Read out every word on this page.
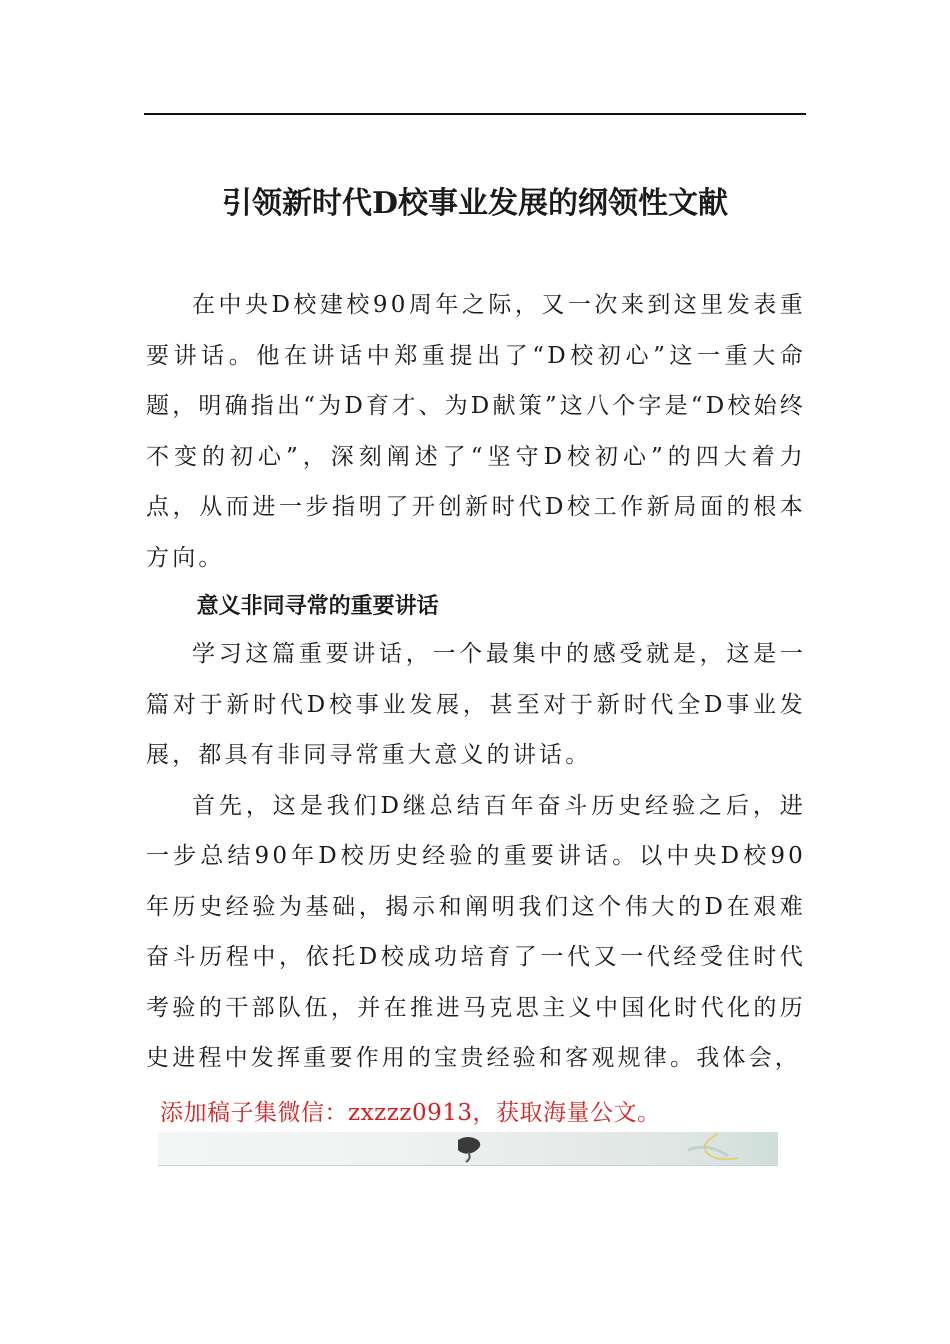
引领新时代D校事业发展的纲领性文献

在中央D校建校90周年之际，又一次来到这里发表重要讲话。他在讲话中郑重提出了“D校初心”这一重大命题，明确指出“为D育才、为D献策”这八个字是“D校始终不变的初心”，深刻阐述了“坚守D校初心”的四大着力点，从而进一步指明了开创新时代D校工作新局面的根本方向。

意义非同寻常的重要讲话

学习这篇重要讲话，一个最集中的感受就是，这是一篇对于新时代D校事业发展，甚至对于新时代全D事业发展，都具有非同寻常重大意义的讲话。

首先，这是我们D继总结百年奋斗历史经验之后，进一步总结90年D校历史经验的重要讲话。以中央D校90年历史经验为基础，揭示和阐明我们这个伟大的D在艰难奋斗历程中，依托D校成功培育了一代又一代经受住时代考验的干部队伍，并在推进马克思主义中国化时代化的历史进程中发挥重要作用的宝贵经验和客观规律。我体会，

添加稿子集微信：zxzzz0913，获取海量公文。
